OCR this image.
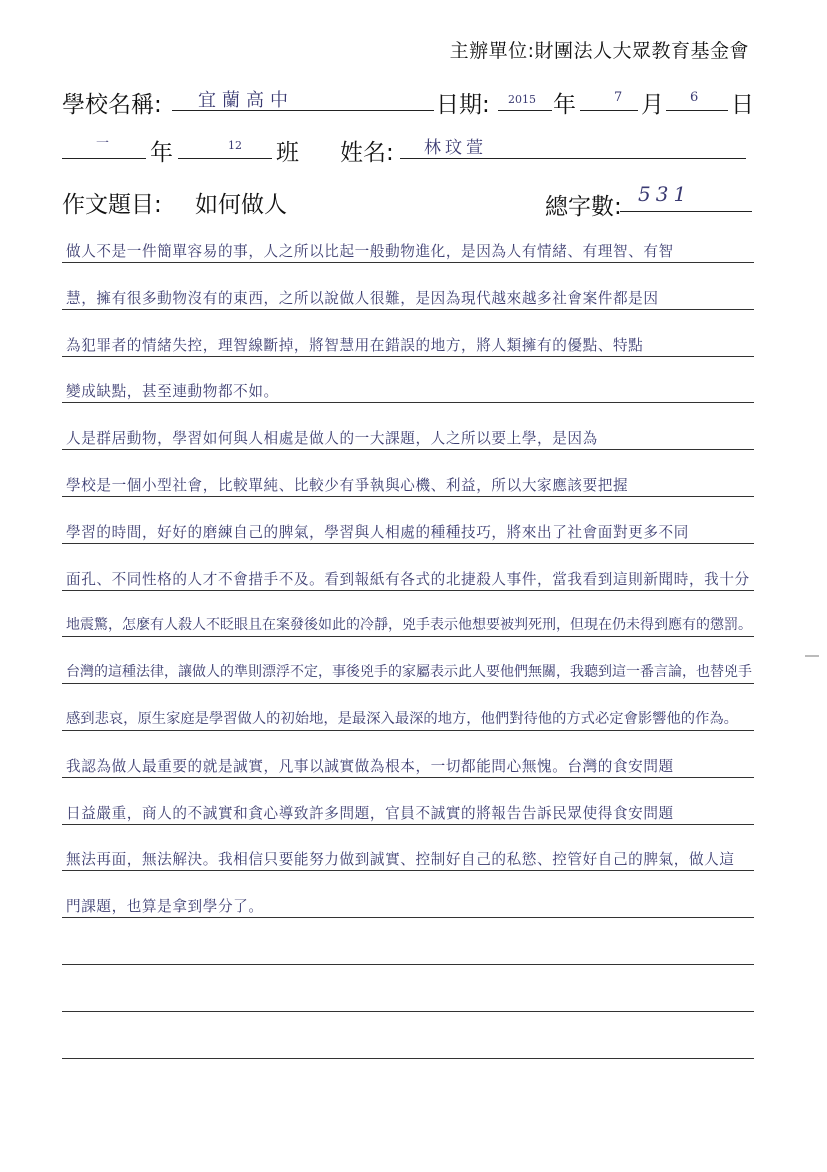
主辦單位:財團法人大眾教育基金會
學校名稱: 宜蘭高中	日期: 2015 年	7 月 6 日
一 年	12 班 姓名: 林玟萱
作文題目: 如何做人	總字數: 531
做人不是一件簡單容易的事，人之所以比起一般動物進化，是因為人有情緒、有理智、有智
慧，擁有很多動物沒有的東西，之所以說做人很難，是因為現代越來越多社會案件都是因
為犯罪者的情緒失控，理智線斷掉，將智慧用在錯誤的地方，將人類擁有的優點、特點
變成缺點，甚至連動物都不如。
人是群居動物，學習如何與人相處是做人的一大課題，人之所以要上學，是因為
學校是一個小型社會，比較單純、比較少有爭執與心機、利益，所以大家應該要把握
學習的時間，好好的磨練自己的脾氣，學習與人相處的種種技巧，將來出了社會面對更多不同
面孔、不同性格的人才不會措手不及。看到報紙有各式的北捷殺人事件，當我看到這則新聞時，我十分
地震驚，怎麼有人殺人不眨眼且在案發後如此的冷靜，兇手表示他想要被判死刑，但現在仍未得到應有的懲罰。
台灣的這種法律，讓做人的準則漂浮不定，事後兇手的家屬表示此人要他們無關，我聽到這一番言論，也替兇手
感到悲哀，原生家庭是學習做人的初始地，是最深入最深的地方，他們對待他的方式必定會影響他的作為。
我認為做人最重要的就是誠實，凡事以誠實做為根本，一切都能問心無愧。台灣的食安問題
日益嚴重，商人的不誠實和貪心導致許多問題，官員不誠實的將報告告訴民眾使得食安問題
無法再面，無法解決。我相信只要能努力做到誠實、控制好自己的私慾、控管好自己的脾氣，做人這
門課題，也算是拿到學分了。
